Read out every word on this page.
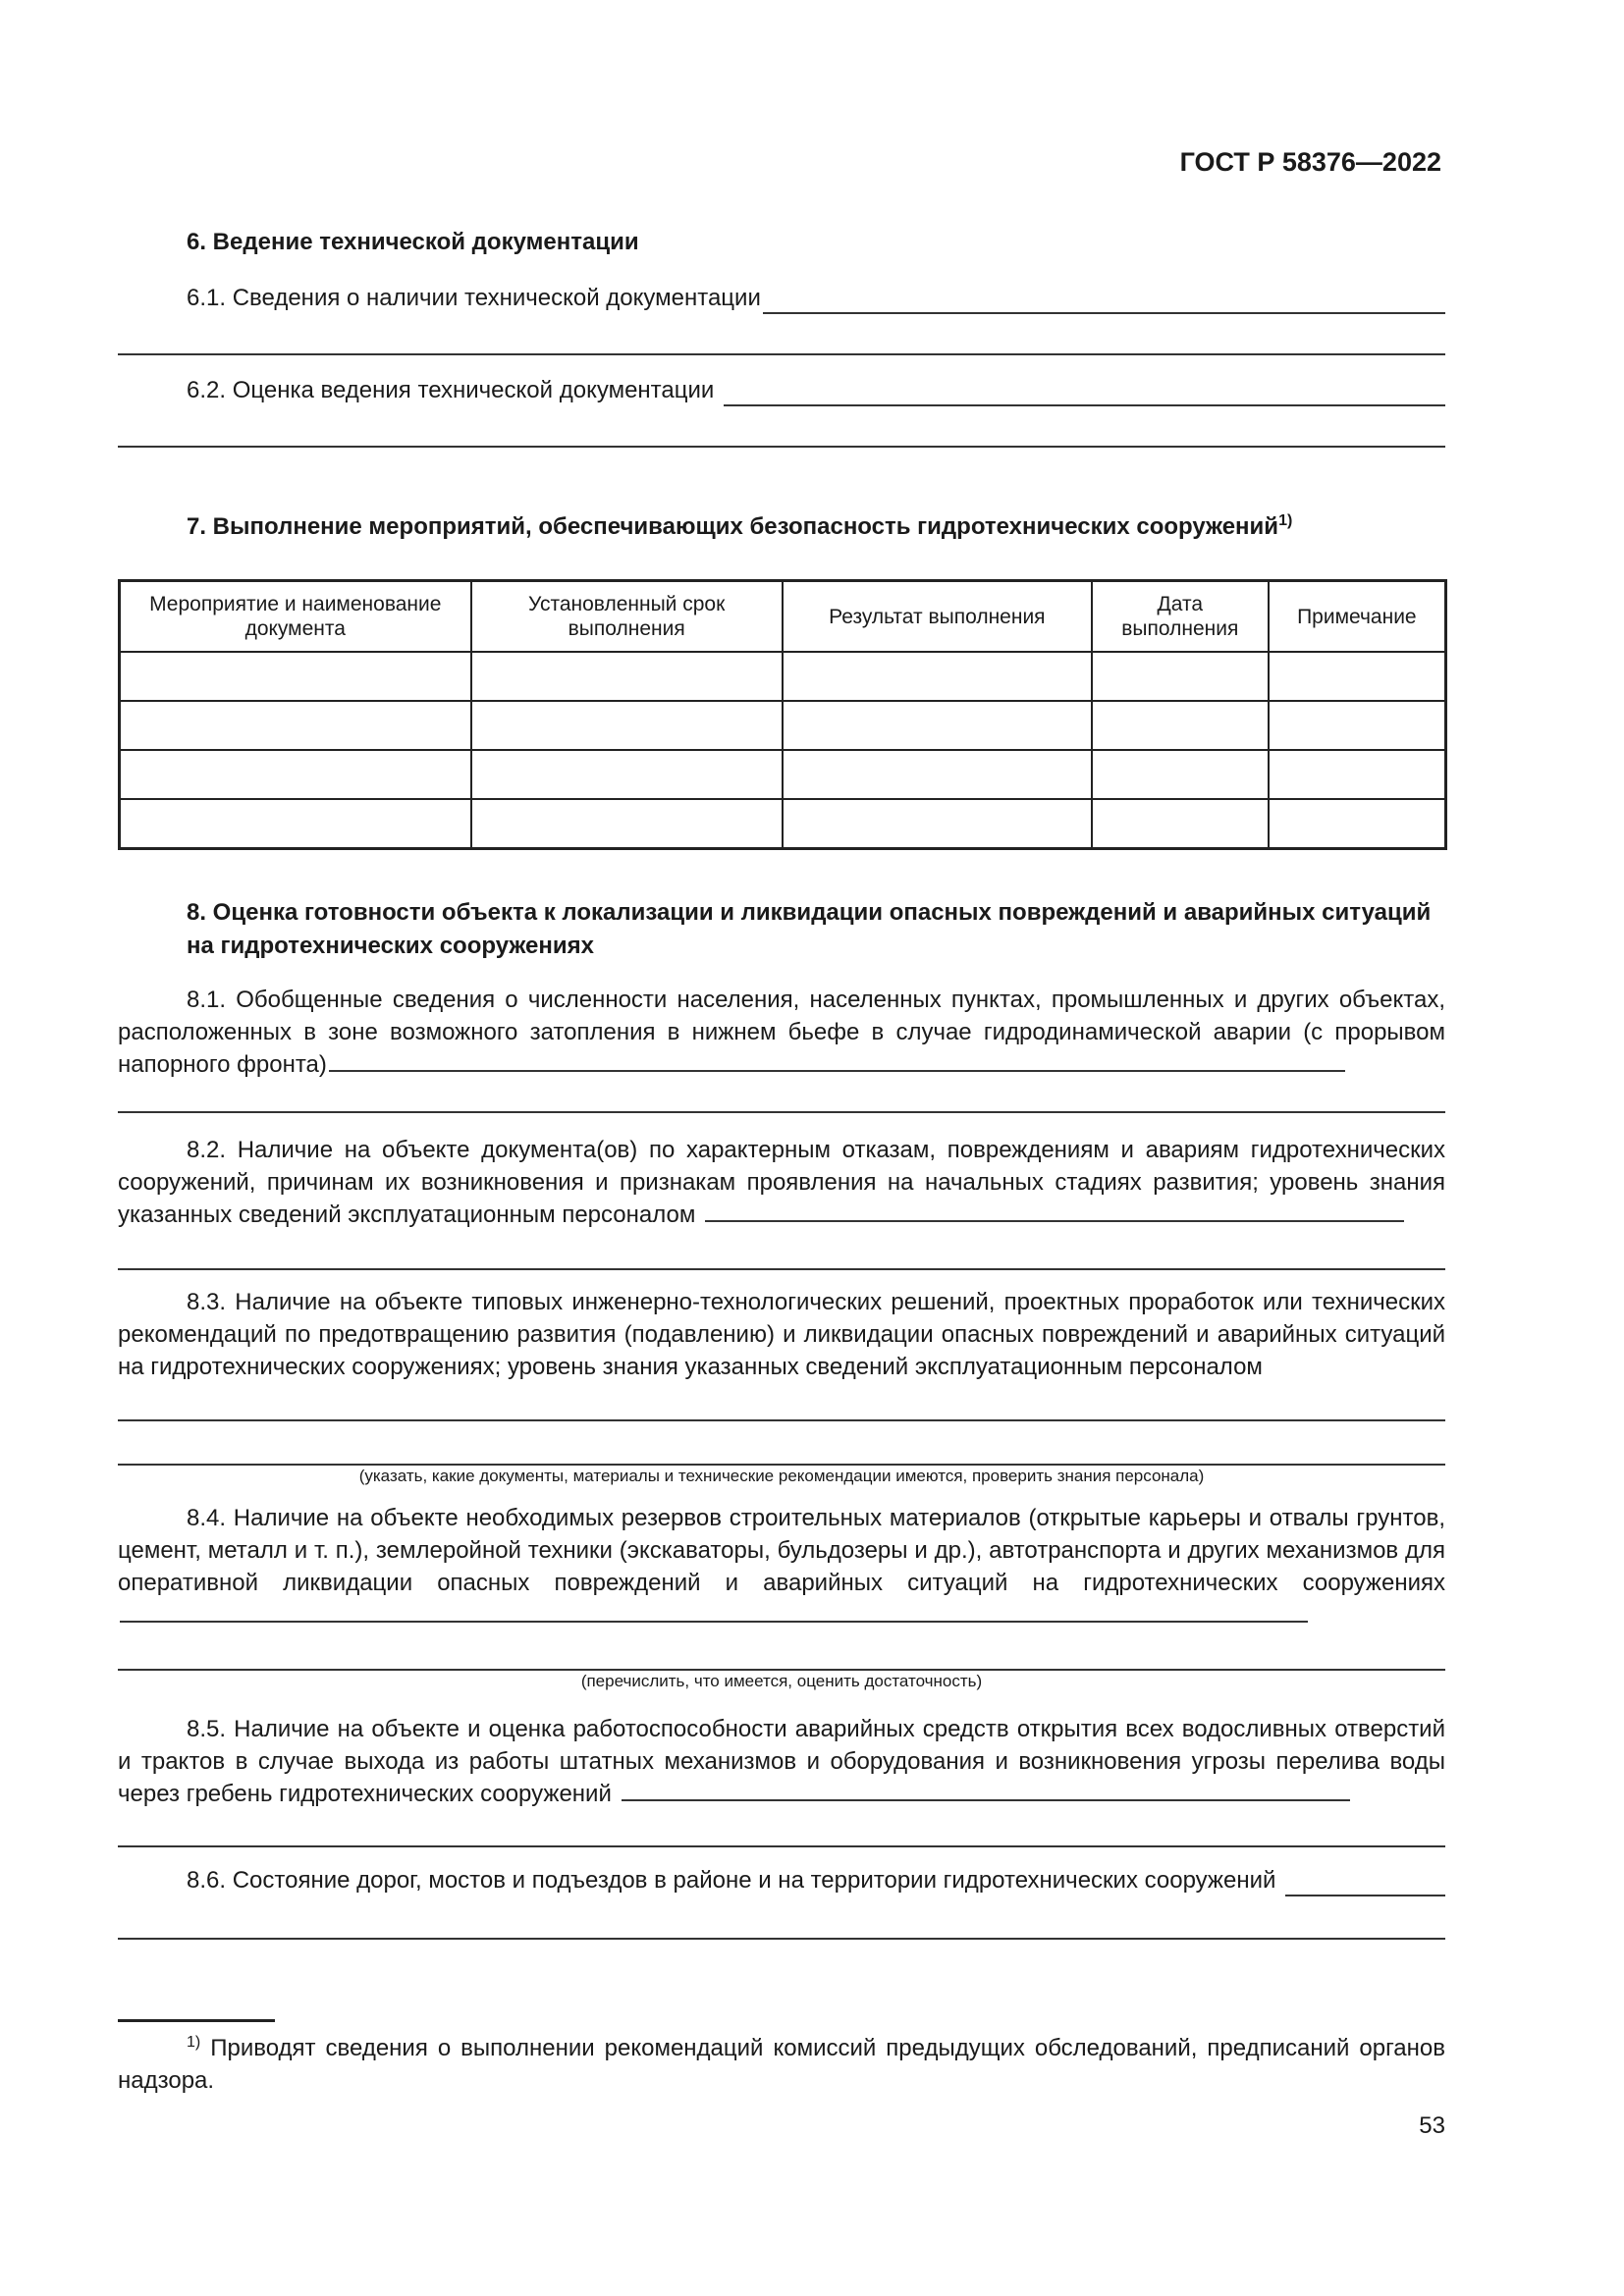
ГОСТ Р 58376—2022
6. Ведение технической документации
6.1. Сведения о наличии технической документации
6.2. Оценка ведения технической документации
7. Выполнение мероприятий, обеспечивающих безопасность гидротехнических сооружений$^{1)}$
Мероприятие и наименование документа	Установленный срок выполнения	Результат выполнения	Дата выполнения	Примечание

8. Оценка готовности объекта к локализации и ликвидации опасных повреждений и аварийных ситуаций на гидротехнических сооружениях
8.1. Обобщенные сведения о численности населения, населенных пунктах, промышленных и других объектах, расположенных в зоне возможного затопления в нижнем бьефе в случае гидродинамической аварии (с прорывом напорного фронта)
8.2. Наличие на объекте документа(ов) по характерным отказам, повреждениям и авариям гидротехнических сооружений, причинам их возникновения и признакам проявления на начальных стадиях развития; уровень знания указанных сведений эксплуатационным персоналом
8.3. Наличие на объекте типовых инженерно-технологических решений, проектных проработок или технических рекомендаций по предотвращению развития (подавлению) и ликвидации опасных повреждений и аварийных ситуаций на гидротехнических сооружениях; уровень знания указанных сведений эксплуатационным персоналом
(указать, какие документы, материалы и технические рекомендации имеются, проверить знания персонала)
8.4. Наличие на объекте необходимых резервов строительных материалов (открытые карьеры и отвалы грунтов, цемент, металл и т. п.), землеройной техники (экскаваторы, бульдозеры и др.), автотранспорта и других механизмов для оперативной ликвидации опасных повреждений и аварийных ситуаций на гидротехнических сооружениях
(перечислить, что имеется, оценить достаточность)
8.5. Наличие на объекте и оценка работоспособности аварийных средств открытия всех водосливных отверстий и трактов в случае выхода из работы штатных механизмов и оборудования и возникновения угрозы перелива воды через гребень гидротехнических сооружений
8.6. Состояние дорог, мостов и подъездов в районе и на территории гидротехнических сооружений
$^{1)}$ Приводят сведения о выполнении рекомендаций комиссий предыдущих обследований, предписаний органов надзора.
53
